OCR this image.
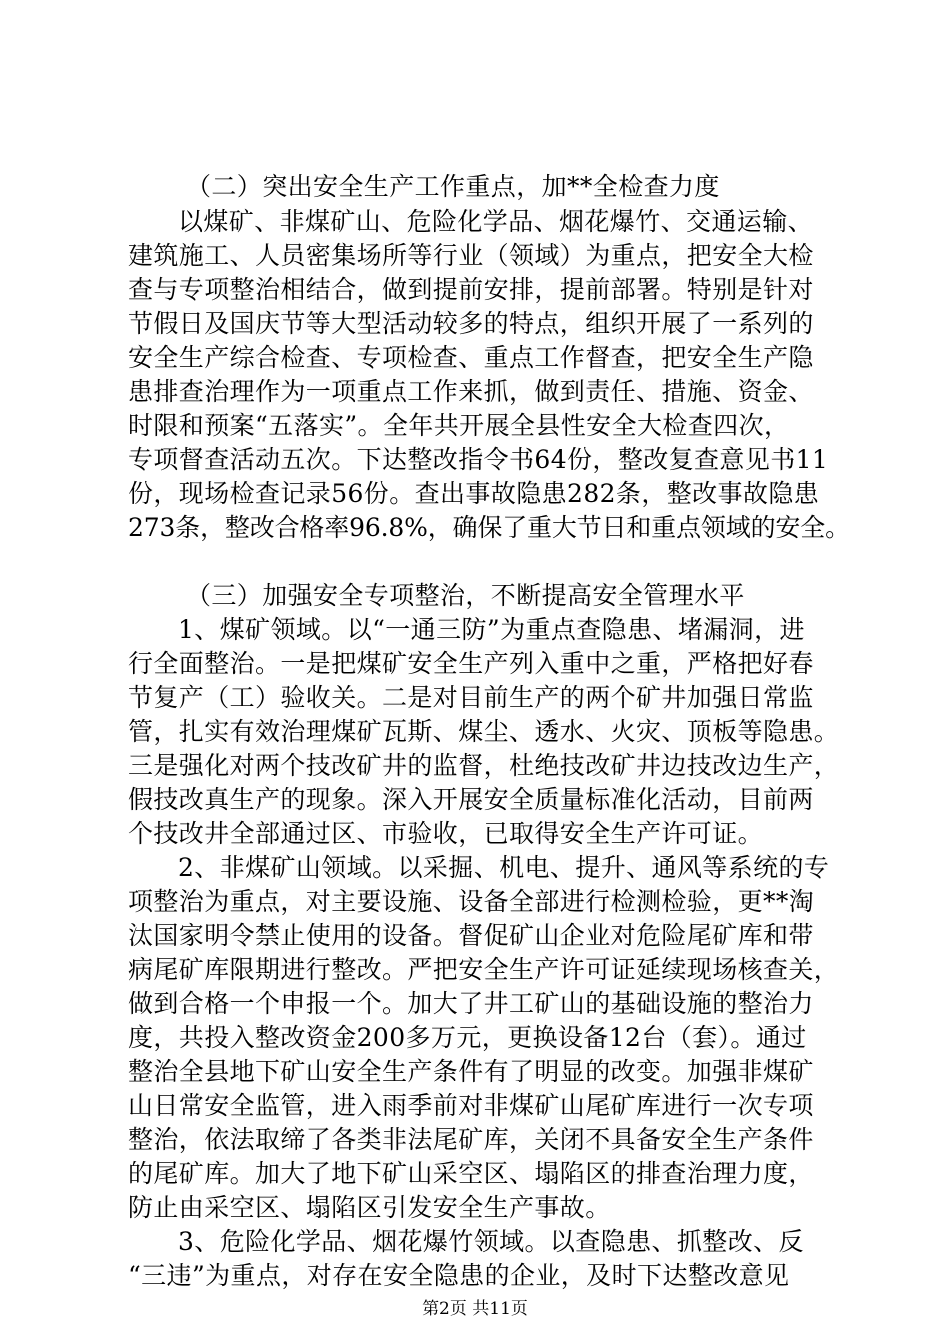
（二）突出安全生产工作重点，加**全检查力度

以煤矿、非煤矿山、危险化学品、烟花爆竹、交通运输、

建筑施工、人员密集场所等行业（领域）为重点，把安全大检

查与专项整治相结合，做到提前安排，提前部署。特别是针对

节假日及国庆节等大型活动较多的特点，组织开展了一系列的

安全生产综合检查、专项检查、重点工作督查，把安全生产隐

患排查治理作为一项重点工作来抓，做到责任、措施、资金、

时限和预案“五落实”。全年共开展全县性安全大检查四次，

专项督查活动五次。下达整改指令书64份，整改复查意见书11

份，现场检查记录56份。查出事故隐患282条，整改事故隐患

273条，整改合格率96.8%，确保了重大节日和重点领域的安全。

（三）加强安全专项整治，不断提高安全管理水平

1、煤矿领域。以“一通三防”为重点查隐患、堵漏洞，进

行全面整治。一是把煤矿安全生产列入重中之重，严格把好春

节复产（工）验收关。二是对目前生产的两个矿井加强日常监

管，扎实有效治理煤矿瓦斯、煤尘、透水、火灾、顶板等隐患。

三是强化对两个技改矿井的监督，杜绝技改矿井边技改边生产，

假技改真生产的现象。深入开展安全质量标准化活动，目前两

个技改井全部通过区、市验收，已取得安全生产许可证。

2、非煤矿山领域。以采掘、机电、提升、通风等系统的专

项整治为重点，对主要设施、设备全部进行检测检验，更**淘

汰国家明令禁止使用的设备。督促矿山企业对危险尾矿库和带

病尾矿库限期进行整改。严把安全生产许可证延续现场核查关，

做到合格一个申报一个。加大了井工矿山的基础设施的整治力

度，共投入整改资金200多万元，更换设备12台（套）。通过

整治全县地下矿山安全生产条件有了明显的改变。加强非煤矿

山日常安全监管，进入雨季前对非煤矿山尾矿库进行一次专项

整治，依法取缔了各类非法尾矿库，关闭不具备安全生产条件

的尾矿库。加大了地下矿山采空区、塌陷区的排查治理力度，

防止由采空区、塌陷区引发安全生产事故。

3、危险化学品、烟花爆竹领域。以查隐患、抓整改、反

“三违”为重点，对存在安全隐患的企业，及时下达整改意见

第2页 共11页
